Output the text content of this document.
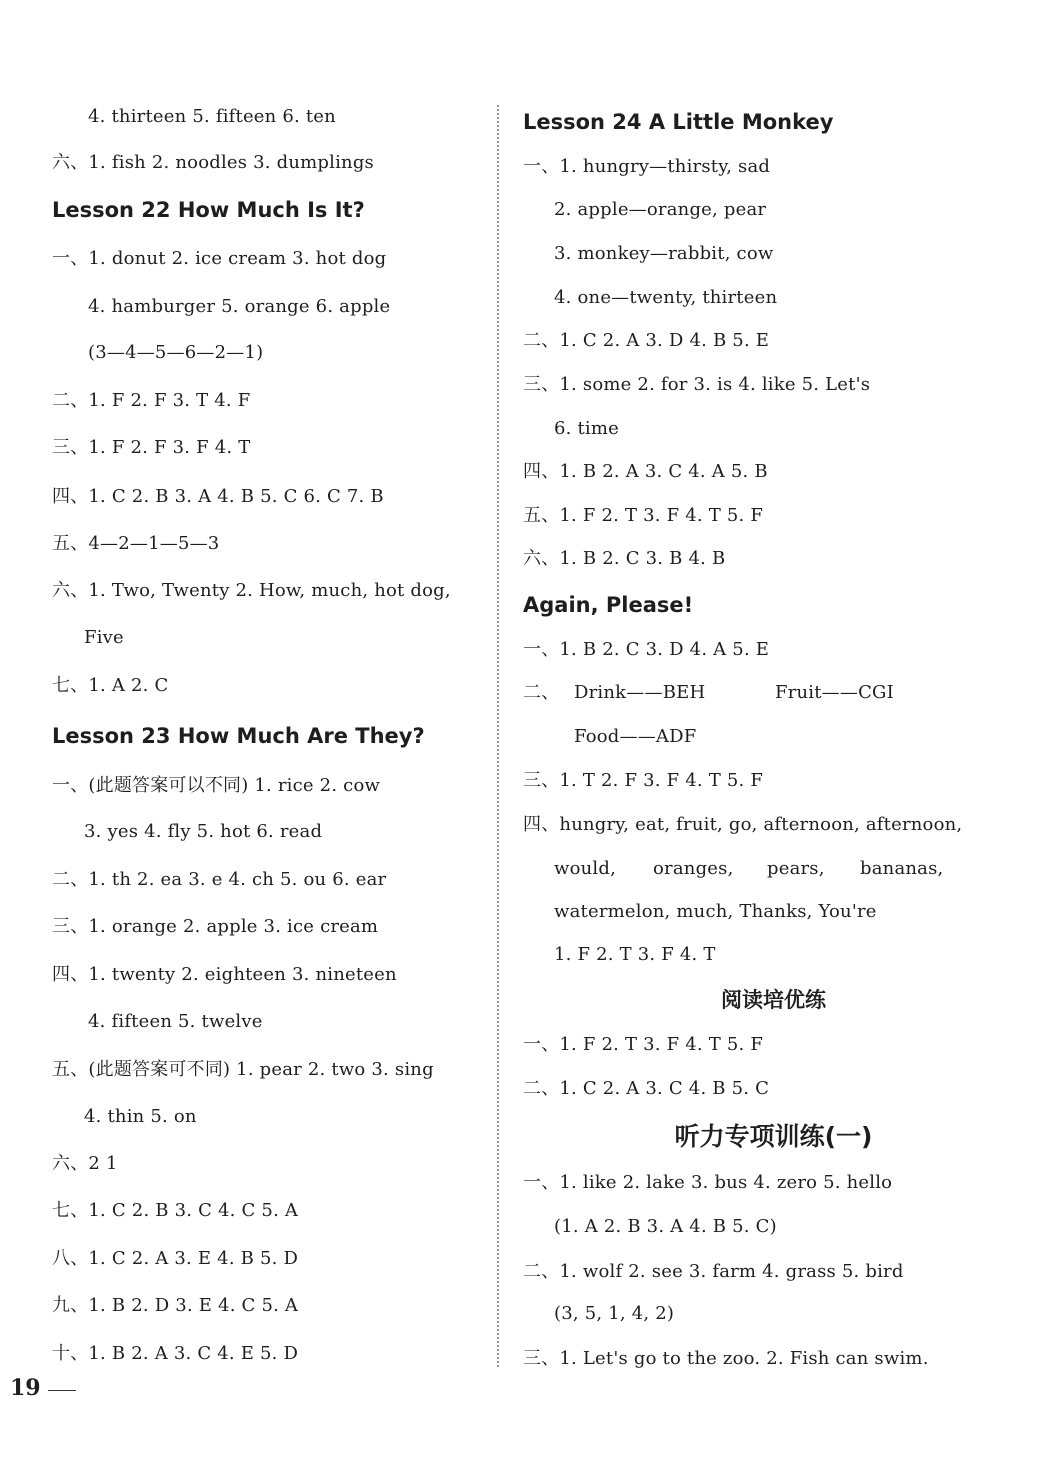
4. thirteen 5. fifteen 6. ten
六、1. fish 2. noodles 3. dumplings
Lesson 22 How Much Is It?
一、1. donut 2. ice cream 3. hot dog
4. hamburger 5. orange 6. apple
(3—4—5—6—2—1)
二、1. F 2. F 3. T 4. F
三、1. F 2. F 3. F 4. T
四、1. C 2. B 3. A 4. B 5. C 6. C 7. B
五、4—2—1—5—3
六、1. Two, Twenty 2. How, much, hot dog,
Five
七、1. A 2. C
Lesson 23 How Much Are They?
一、(此题答案可以不同) 1. rice 2. cow
3. yes 4. fly 5. hot 6. read
二、1. th 2. ea 3. e 4. ch 5. ou 6. ear
三、1. orange 2. apple 3. ice cream
四、1. twenty 2. eighteen 3. nineteen
4. fifteen 5. twelve
五、(此题答案可不同) 1. pear 2. two 3. sing
4. thin 5. on
六、2 1
七、1. C 2. B 3. C 4. C 5. A
八、1. C 2. A 3. E 4. B 5. D
九、1. B 2. D 3. E 4. C 5. A
十、1. B 2. A 3. C 4. E 5. D
Lesson 24 A Little Monkey
一、1. hungry—thirsty, sad
2. apple—orange, pear
3. monkey—rabbit, cow
4. one—twenty, thirteen
二、1. C 2. A 3. D 4. B 5. E
三、1. some 2. for 3. is 4. like 5. Let's
6. time
四、1. B 2. A 3. C 4. A 5. B
五、1. F 2. T 3. F 4. T 5. F
六、1. B 2. C 3. B 4. B
Again, Please!
一、1. B 2. C 3. D 4. A 5. E
二、 Drink——BEH	Fruit——CGI
Food——ADF
三、1. T 2. F 3. F 4. T 5. F
四、hungry, eat, fruit, go, afternoon, afternoon,
would, oranges, pears, bananas,
watermelon, much, Thanks, You're
1. F 2. T 3. F 4. T
阅读培优练
一、1. F 2. T 3. F 4. T 5. F
二、1. C 2. A 3. C 4. B 5. C
听力专项训练(一)
一、1. like 2. lake 3. bus 4. zero 5. hello
(1. A 2. B 3. A 4. B 5. C)
二、1. wolf 2. see 3. farm 4. grass 5. bird
(3, 5, 1, 4, 2)
三、1. Let's go to the zoo. 2. Fish can swim.
19
